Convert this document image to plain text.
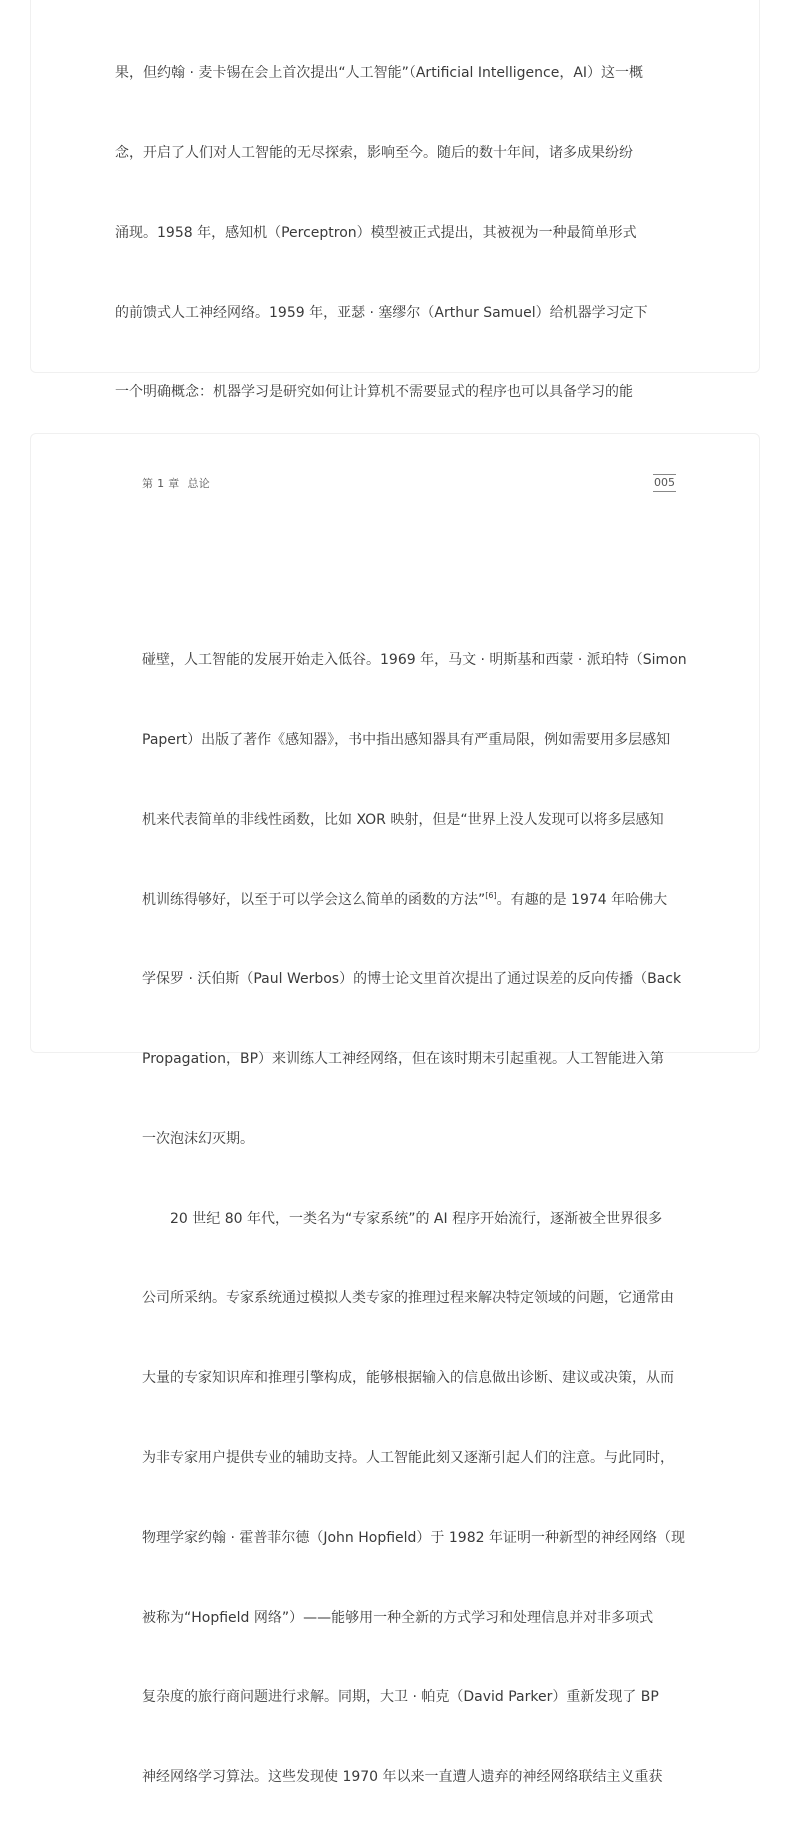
果，但约翰 · 麦卡锡在会上首次提出“人工智能”（Artificial Intelligence，AI）这一概

念，开启了人们对人工智能的无尽探索，影响至今。随后的数十年间，诸多成果纷纷

涌现。1958 年，感知机（Perceptron）模型被正式提出，其被视为一种最简单形式

的前馈式人工神经网络。1959 年，亚瑟 · 塞缪尔（Arthur Samuel）给机器学习定下

一个明确概念：机器学习是研究如何让计算机不需要显式的程序也可以具备学习的能

第 1 章 总论	005

碰壁，人工智能的发展开始走入低谷。1969 年，马文 · 明斯基和西蒙 · 派珀特（Simon

Papert）出版了著作《感知器》，书中指出感知器具有严重局限，例如需要用多层感知

机来代表简单的非线性函数，比如 XOR 映射，但是“世界上没人发现可以将多层感知

机训练得够好，以至于可以学会这么简单的函数的方法”[6]。有趣的是 1974 年哈佛大

学保罗 · 沃伯斯（Paul Werbos）的博士论文里首次提出了通过误差的反向传播（Back

Propagation，BP）来训练人工神经网络，但在该时期未引起重视。人工智能进入第

一次泡沫幻灭期。

20 世纪 80 年代，一类名为“专家系统”的 AI 程序开始流行，逐渐被全世界很多

公司所采纳。专家系统通过模拟人类专家的推理过程来解决特定领域的问题，它通常由

大量的专家知识库和推理引擎构成，能够根据输入的信息做出诊断、建议或决策，从而

为非专家用户提供专业的辅助支持。人工智能此刻又逐渐引起人们的注意。与此同时，

物理学家约翰 · 霍普菲尔德（John Hopfield）于 1982 年证明一种新型的神经网络（现

被称为“Hopfield 网络”）——能够用一种全新的方式学习和处理信息并对非多项式

复杂度的旅行商问题进行求解。同期，大卫 · 帕克（David Parker）重新发现了 BP

神经网络学习算法。这些发现使 1970 年以来一直遭人遗弃的神经网络联结主义重获
